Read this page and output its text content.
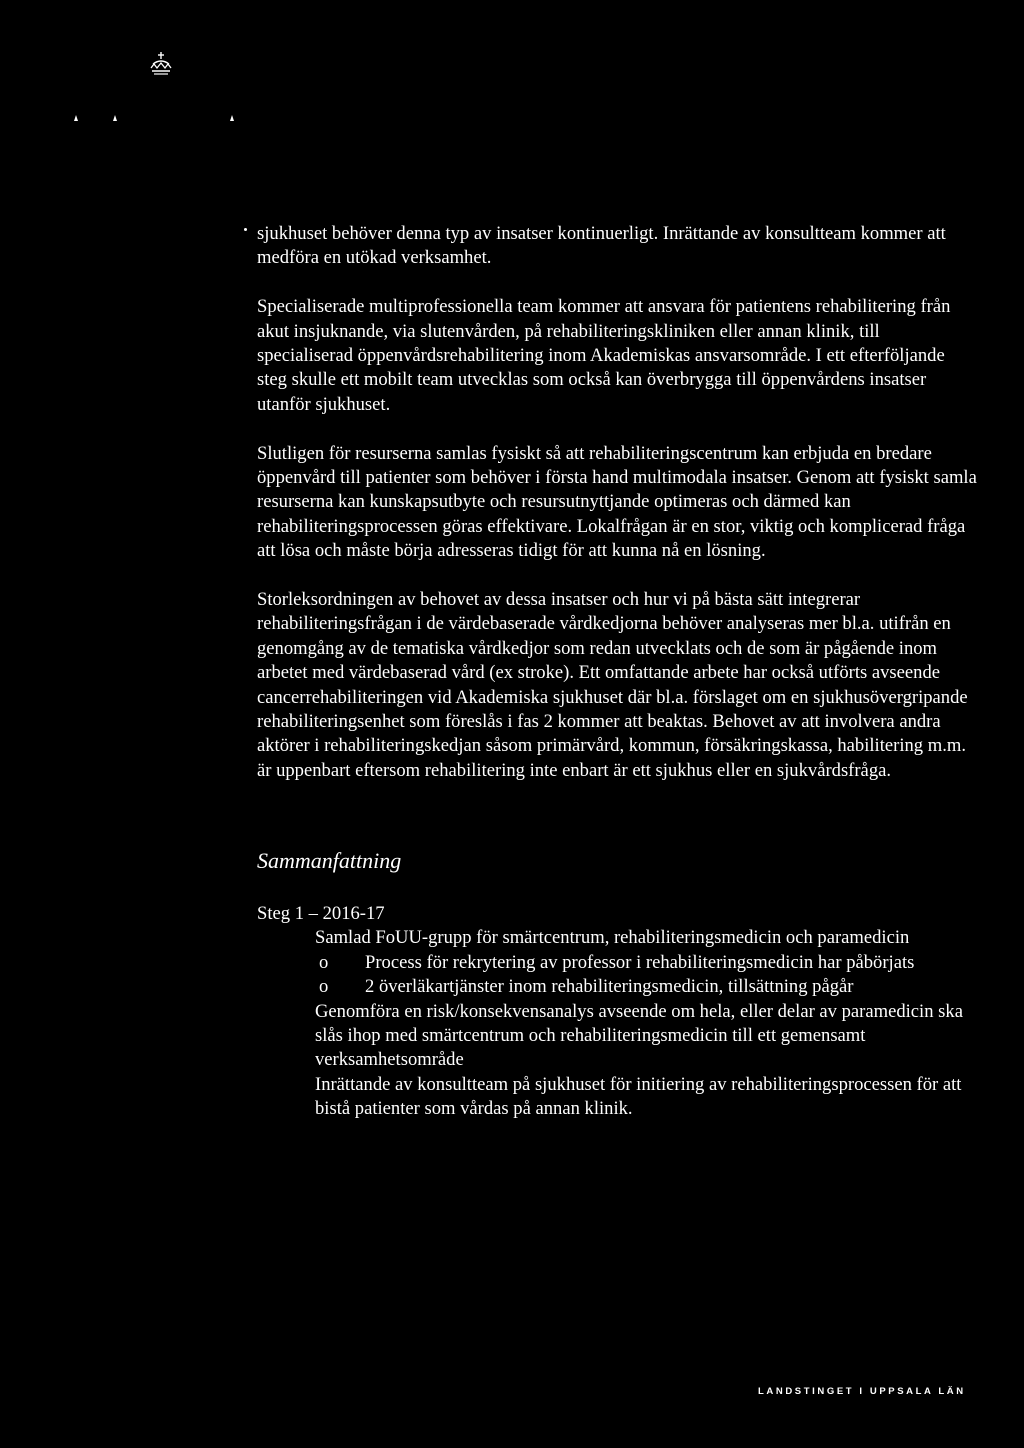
sjukhuset behöver denna typ av insatser kontinuerligt. Inrättande av konsultteam kommer att medföra en utökad verksamhet.

Specialiserade multiprofessionella team kommer att ansvara för patientens rehabilitering från akut insjuknande, via slutenvården, på rehabiliteringskliniken eller annan klinik, till specialiserad öppenvårdsrehabilitering inom Akademiskas ansvarsområde. I ett efterföljande steg skulle ett mobilt team utvecklas som också kan överbrygga till öppenvårdens insatser utanför sjukhuset.

Slutligen för resurserna samlas fysiskt så att rehabiliteringscentrum kan erbjuda en bredare öppenvård till patienter som behöver i första hand multimodala insatser. Genom att fysiskt samla resurserna kan kunskapsutbyte och resursutnyttjande optimeras och därmed kan rehabiliteringsprocessen göras effektivare. Lokalfrågan är en stor, viktig och komplicerad fråga att lösa och måste börja adresseras tidigt för att kunna nå en lösning.

Storleksordningen av behovet av dessa insatser och hur vi på bästa sätt integrerar rehabiliteringsfrågan i de värdebaserade vårdkedjorna behöver analyseras mer bl.a. utifrån en genomgång av de tematiska vårdkedjor som redan utvecklats och de som är pågående inom arbetet med värdebaserad vård (ex stroke). Ett omfattande arbete har också utförts avseende cancerrehabiliteringen vid Akademiska sjukhuset där bl.a. förslaget om en sjukhusövergripande rehabiliteringsenhet som föreslås i fas 2 kommer att beaktas. Behovet av att involvera andra aktörer i rehabiliteringskedjan såsom primärvård, kommun, försäkringskassa, habilitering m.m. är uppenbart eftersom rehabilitering inte enbart är ett sjukhus eller en sjukvårdsfråga.

Sammanfattning

Steg 1 – 2016-17

Samlad FoUU-grupp för smärtcentrum, rehabiliteringsmedicin och paramedicin
o Process för rekrytering av professor i rehabiliteringsmedicin har påbörjats
o 2 överläkartjänster inom rehabiliteringsmedicin, tillsättning pågår
Genomföra en risk/konsekvensanalys avseende om hela, eller delar av paramedicin ska slås ihop med smärtcentrum och rehabiliteringsmedicin till ett gemensamt verksamhetsområde
Inrättande av konsultteam på sjukhuset för initiering av rehabiliteringsprocessen för att bistå patienter som vårdas på annan klinik.
LANDSTINGET I UPPSALA LÄN
